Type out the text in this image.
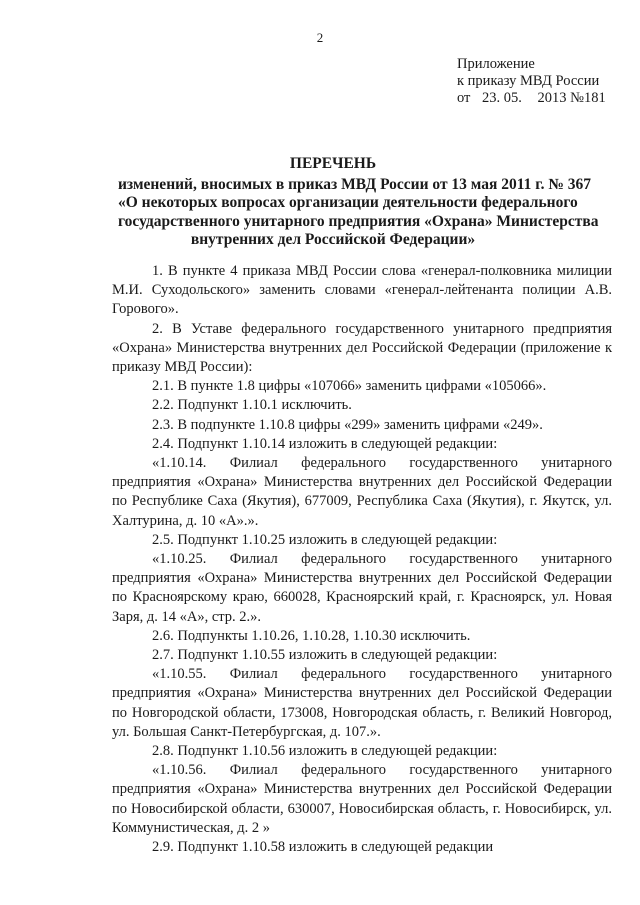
2
Приложение
к приказу МВД России
от 23. 05. 2013 №181
ПЕРЕЧЕНЬ
изменений, вносимых в приказ МВД России от 13 мая 2011 г. № 367
«О некоторых вопросах организации деятельности федерального
государственного унитарного предприятия «Охрана» Министерства
внутренних дел Российской Федерации»

1. В пункте 4 приказа МВД России слова «генерал-полковника милиции М.И. Суходольского» заменить словами «генерал-лейтенанта полиции А.В. Горового».

2. В Уставе федерального государственного унитарного предприятия «Охрана» Министерства внутренних дел Российской Федерации (приложение к приказу МВД России):

2.1. В пункте 1.8 цифры «107066» заменить цифрами «105066».

2.2. Подпункт 1.10.1 исключить.

2.3. В подпункте 1.10.8 цифры «299» заменить цифрами «249».

2.4. Подпункт 1.10.14 изложить в следующей редакции:

«1.10.14. Филиал федерального государственного унитарного предприятия «Охрана» Министерства внутренних дел Российской Федерации по Республике Саха (Якутия), 677009, Республика Саха (Якутия), г. Якутск, ул. Халтурина, д. 10 «А».».

2.5. Подпункт 1.10.25 изложить в следующей редакции:

«1.10.25. Филиал федерального государственного унитарного предприятия «Охрана» Министерства внутренних дел Российской Федерации по Красноярскому краю, 660028, Красноярский край, г. Красноярск, ул. Новая Заря, д. 14 «А», стр. 2.».

2.6. Подпункты 1.10.26, 1.10.28, 1.10.30 исключить.

2.7. Подпункт 1.10.55 изложить в следующей редакции:

«1.10.55. Филиал федерального государственного унитарного предприятия «Охрана» Министерства внутренних дел Российской Федерации по Новгородской области, 173008, Новгородская область, г. Великий Новгород, ул. Большая Санкт-Петербургская, д. 107.».

2.8. Подпункт 1.10.56 изложить в следующей редакции:

«1.10.56. Филиал федерального государственного унитарного предприятия «Охрана» Министерства внутренних дел Российской Федерации по Новосибирской области, 630007, Новосибирская область, г. Новосибирск, ул. Коммунистическая, д. 2 »

2.9. Подпункт 1.10.58 изложить в следующей редакции
